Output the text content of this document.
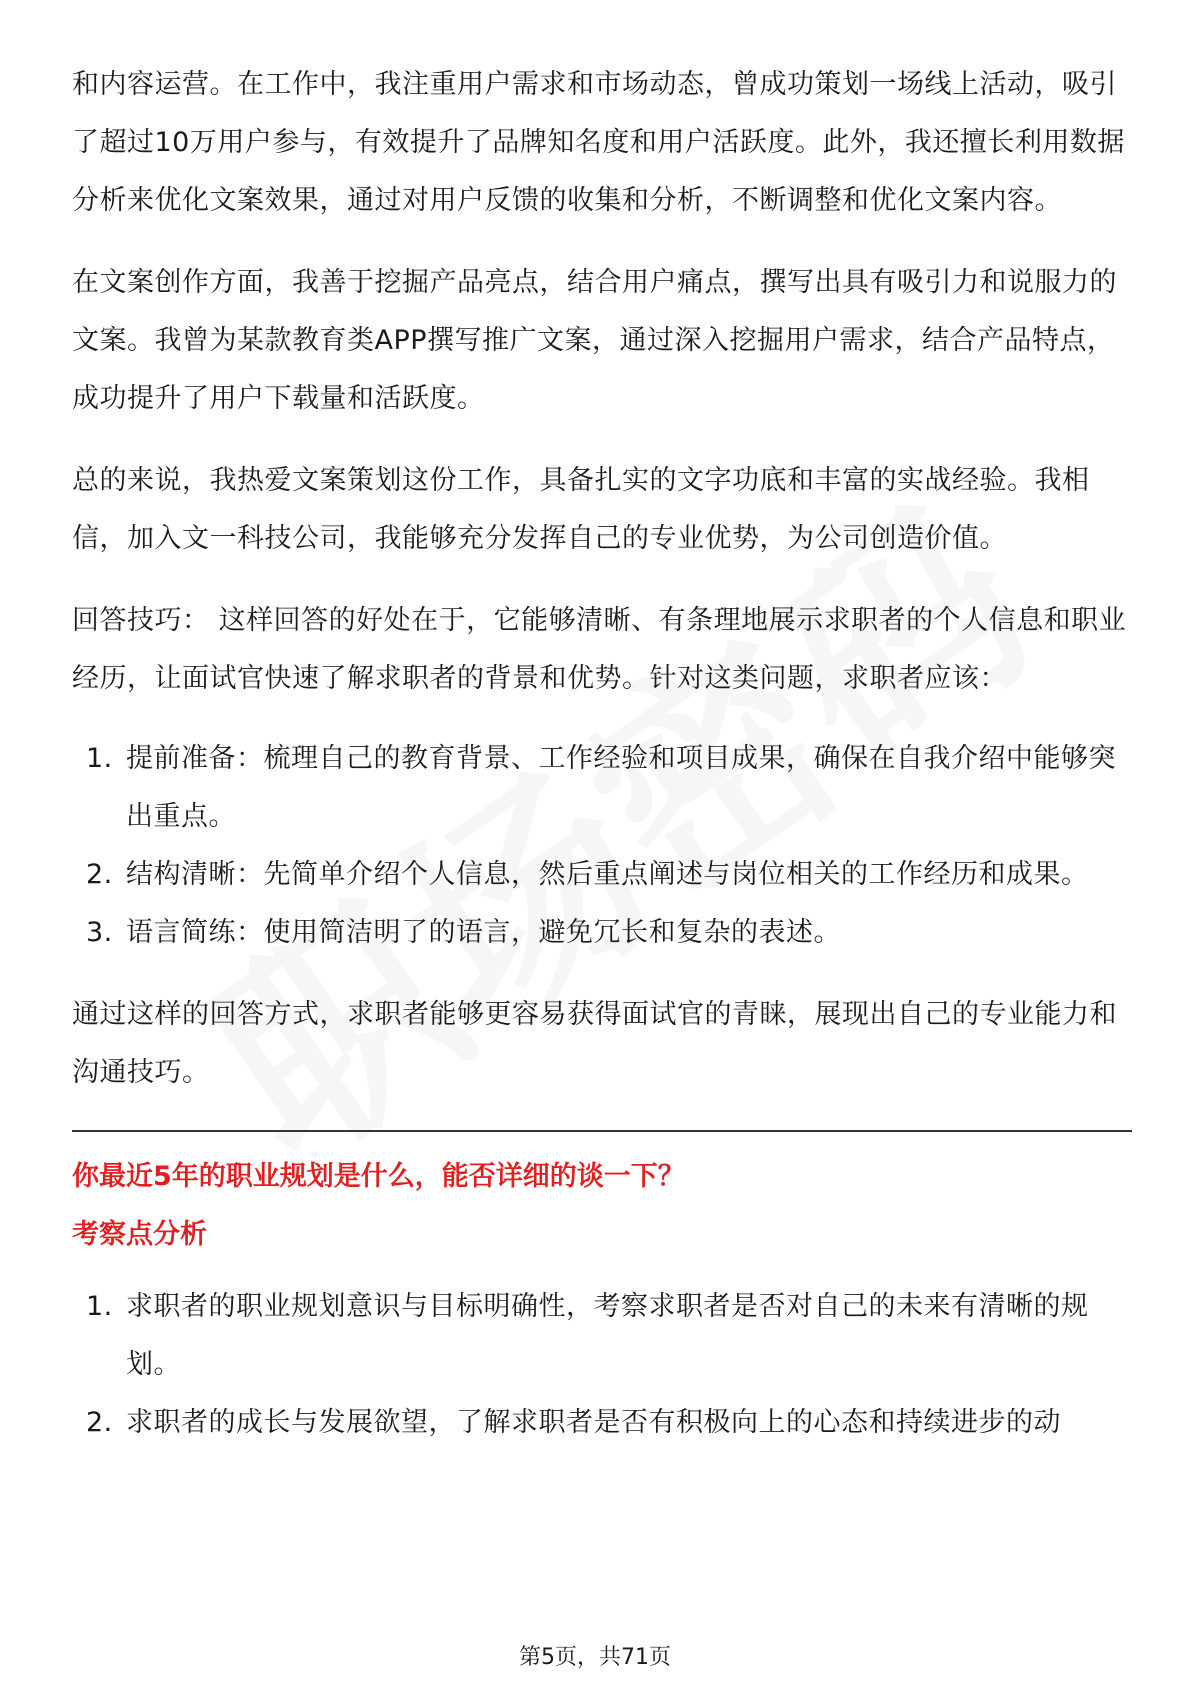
和内容运营。在工作中，我注重用户需求和市场动态，曾成功策划一场线上活动，吸引了超过10万用户参与，有效提升了品牌知名度和用户活跃度。此外，我还擅长利用数据分析来优化文案效果，通过对用户反馈的收集和分析，不断调整和优化文案内容。

在文案创作方面，我善于挖掘产品亮点，结合用户痛点，撰写出具有吸引力和说服力的文案。我曾为某款教育类APP撰写推广文案，通过深入挖掘用户需求，结合产品特点，成功提升了用户下载量和活跃度。

总的来说，我热爱文案策划这份工作，具备扎实的文字功底和丰富的实战经验。我相信，加入文一科技公司，我能够充分发挥自己的专业优势，为公司创造价值。

回答技巧： 这样回答的好处在于，它能够清晰、有条理地展示求职者的个人信息和职业经历，让面试官快速了解求职者的背景和优势。针对这类问题，求职者应该：

1. 提前准备：梳理自己的教育背景、工作经验和项目成果，确保在自我介绍中能够突出重点。
2. 结构清晰：先简单介绍个人信息，然后重点阐述与岗位相关的工作经历和成果。
3. 语言简练：使用简洁明了的语言，避免冗长和复杂的表述。

通过这样的回答方式，求职者能够更容易获得面试官的青睐，展现出自己的专业能力和沟通技巧。

你最近5年的职业规划是什么，能否详细的谈一下？

考察点分析

1. 求职者的职业规划意识与目标明确性，考察求职者是否对自己的未来有清晰的规划。
2. 求职者的成长与发展欲望，了解求职者是否有积极向上的心态和持续进步的动
第5页，共71页
